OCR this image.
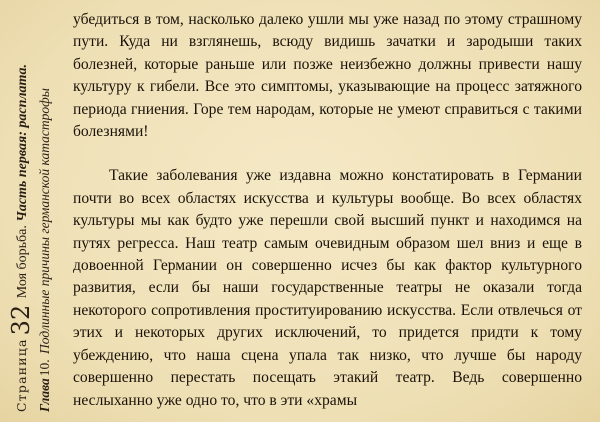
Страница32 Моя борьба. Часть первая: расплата.
Глава10. Подлинные причины германской катастрофы

убедиться в том, насколько далеко ушли мы уже назад по этому страшному пути. Куда ни взглянешь, всюду видишь зачатки и зародыши таких болезней, которые раньше или позже неизбежно должны привести нашу культуру к гибели. Все это симптомы, указывающие на процесс затяжного периода гниения. Горе тем народам, которые не умеют справиться с такими болезнями!

Такие заболевания уже издавна можно констатировать в Германии почти во всех областях искусства и культуры вообще. Во всех областях культуры мы как будто уже перешли свой высший пункт и находимся на путях регресса. Наш театр самым очевидным образом шел вниз и еще в довоенной Германии он совершенно исчез бы как фактор культурного развития, если бы наши государственные театры не оказали тогда некоторого сопротивления проституированию искусства. Если отвлечься от этих и некоторых других исключений, то придется придти к тому убеждению, что наша сцена упала так низко, что лучше бы народу совершенно перестать посещать этакий театр. Ведь совершенно неслыханно уже одно то, что в эти «храмы
